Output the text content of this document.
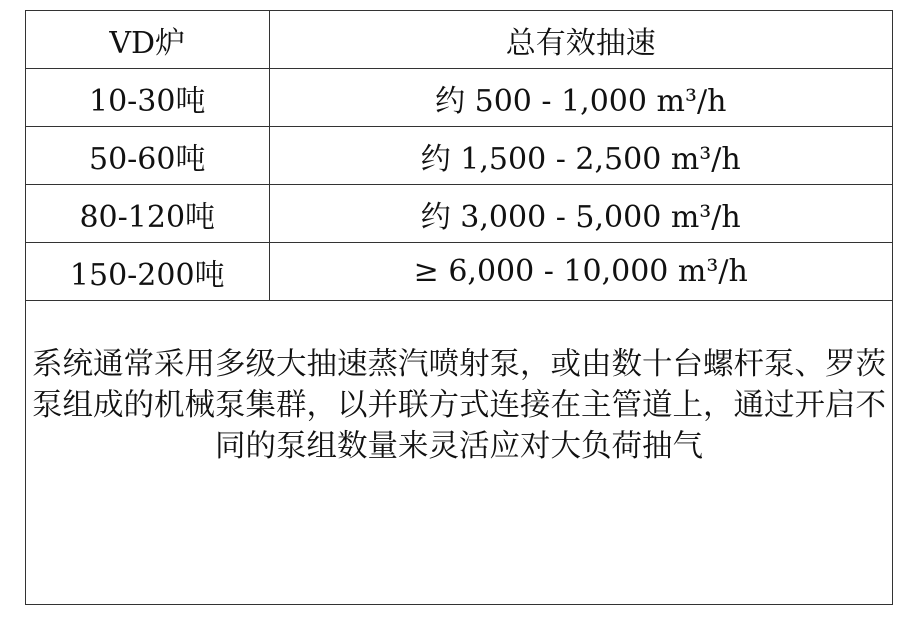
VD炉	总有效抽速
10-30吨	约 500 - 1,000 m³/h
50-60吨	约 1,500 - 2,500 m³/h
80-120吨	约 3,000 - 5,000 m³/h
150-200吨	≥ 6,000 - 10,000 m³/h
系统通常采用多级大抽速蒸汽喷射泵，或由数十台螺杆泵、罗茨泵组成的机械泵集群，以并联方式连接在主管道上，通过开启不同的泵组数量来灵活应对大负荷抽气
